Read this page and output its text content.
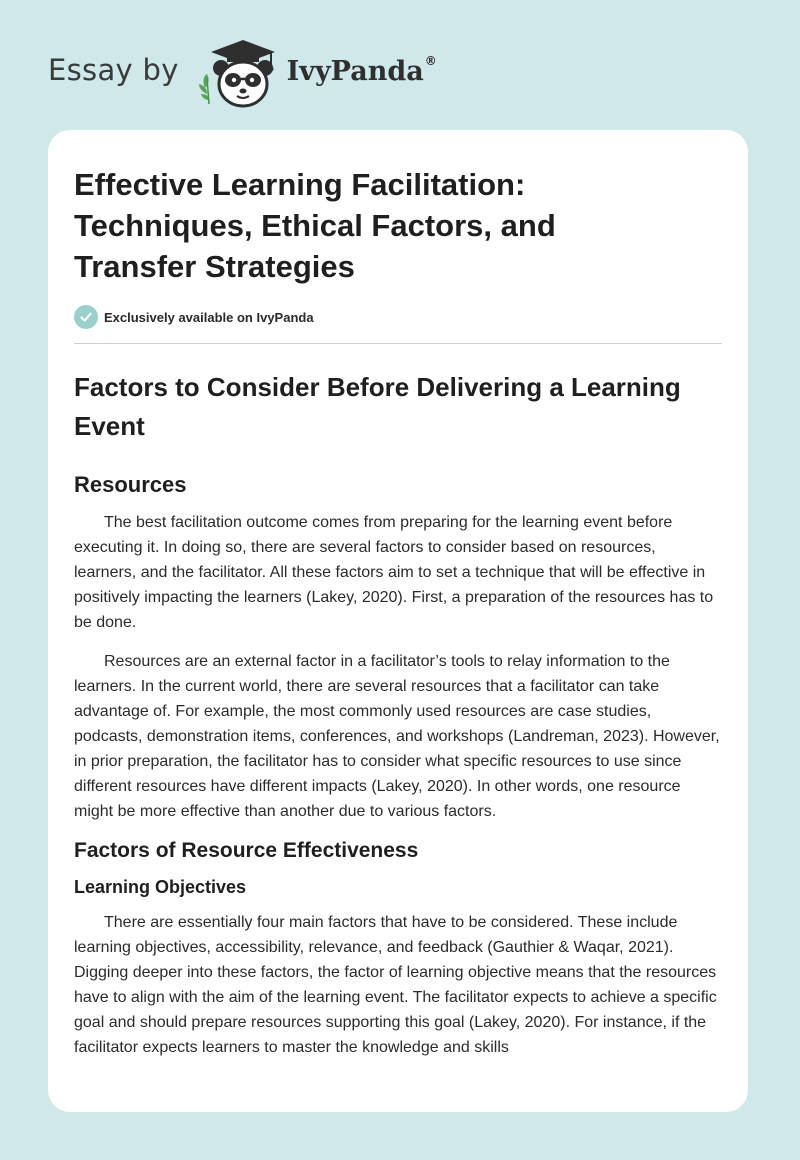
Essay by	IvyPanda®
Effective Learning Facilitation: Techniques, Ethical Factors, and Transfer Strategies
Exclusively available on IvyPanda
Factors to Consider Before Delivering a Learning Event
Resources

The best facilitation outcome comes from preparing for the learning event before executing it. In doing so, there are several factors to consider based on resources, learners, and the facilitator. All these factors aim to set a technique that will be effective in positively impacting the learners (Lakey, 2020). First, a preparation of the resources has to be done.

Resources are an external factor in a facilitator’s tools to relay information to the learners. In the current world, there are several resources that a facilitator can take advantage of. For example, the most commonly used resources are case studies, podcasts, demonstration items, conferences, and workshops (Landreman, 2023). However, in prior preparation, the facilitator has to consider what specific resources to use since different resources have different impacts (Lakey, 2020). In other words, one resource might be more effective than another due to various factors.

Factors of Resource Effectiveness
Learning Objectives

There are essentially four main factors that have to be considered. These include learning objectives, accessibility, relevance, and feedback (Gauthier & Waqar, 2021). Digging deeper into these factors, the factor of learning objective means that the resources have to align with the aim of the learning event. The facilitator expects to achieve a specific goal and should prepare resources supporting this goal (Lakey, 2020). For instance, if the facilitator expects learners to master the knowledge and skills
